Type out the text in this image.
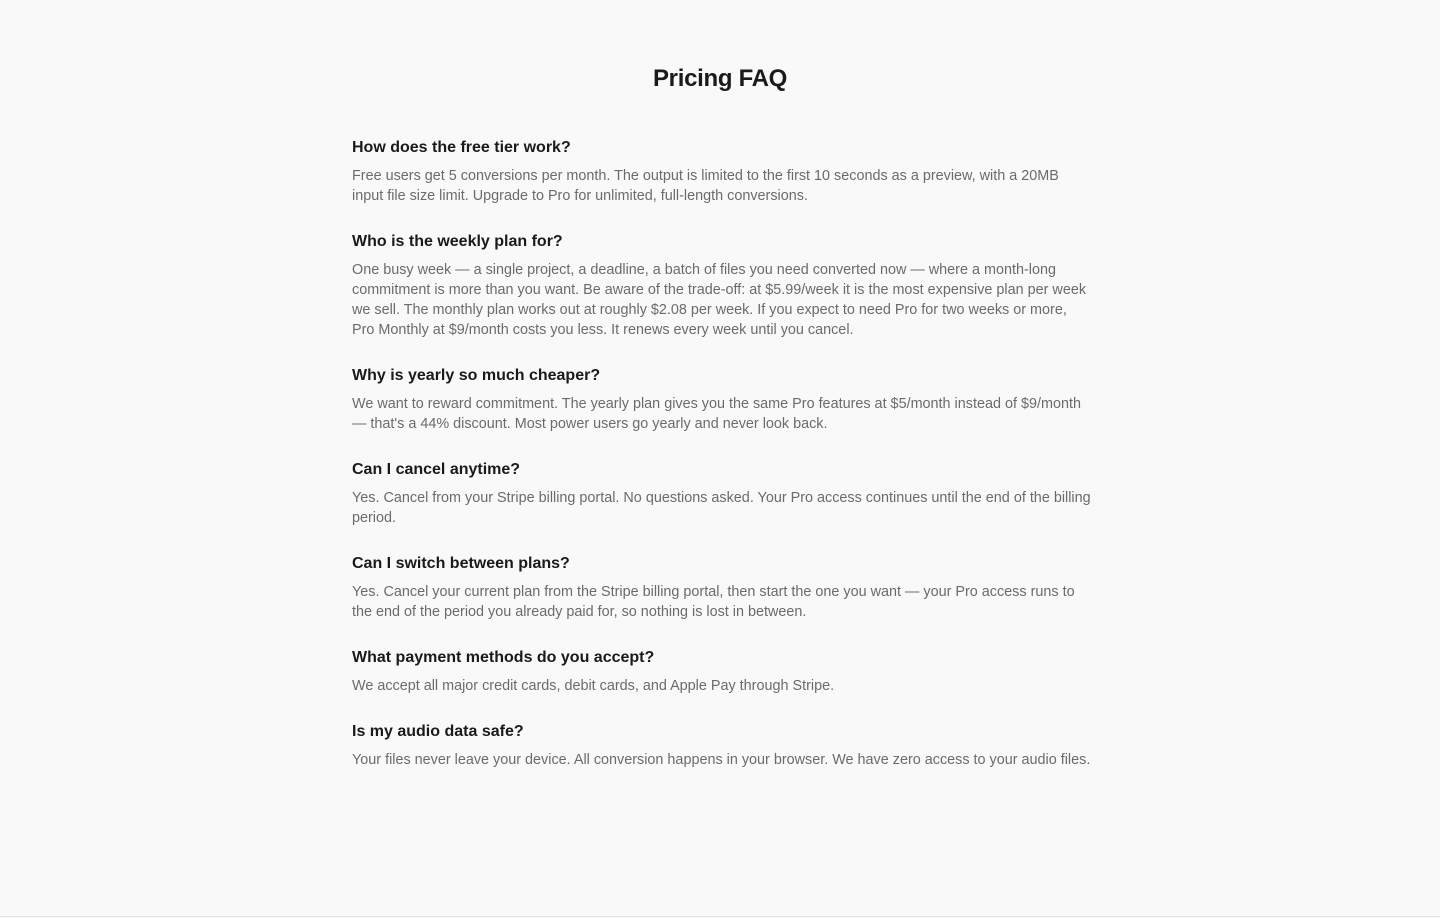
Pricing FAQ
How does the free tier work?

Free users get 5 conversions per month. The output is limited to the first 10 seconds as a preview, with a 20MB input file size limit. Upgrade to Pro for unlimited, full-length conversions.

Who is the weekly plan for?

One busy week — a single project, a deadline, a batch of files you need converted now — where a month-long commitment is more than you want. Be aware of the trade-off: at $5.99/week it is the most expensive plan per week we sell. The monthly plan works out at roughly $2.08 per week. If you expect to need Pro for two weeks or more, Pro Monthly at $9/month costs you less. It renews every week until you cancel.

Why is yearly so much cheaper?

We want to reward commitment. The yearly plan gives you the same Pro features at $5/month instead of $9/month — that's a 44% discount. Most power users go yearly and never look back.

Can I cancel anytime?

Yes. Cancel from your Stripe billing portal. No questions asked. Your Pro access continues until the end of the billing period.

Can I switch between plans?

Yes. Cancel your current plan from the Stripe billing portal, then start the one you want — your Pro access runs to the end of the period you already paid for, so nothing is lost in between.

What payment methods do you accept?

We accept all major credit cards, debit cards, and Apple Pay through Stripe.

Is my audio data safe?

Your files never leave your device. All conversion happens in your browser. We have zero access to your audio files.
